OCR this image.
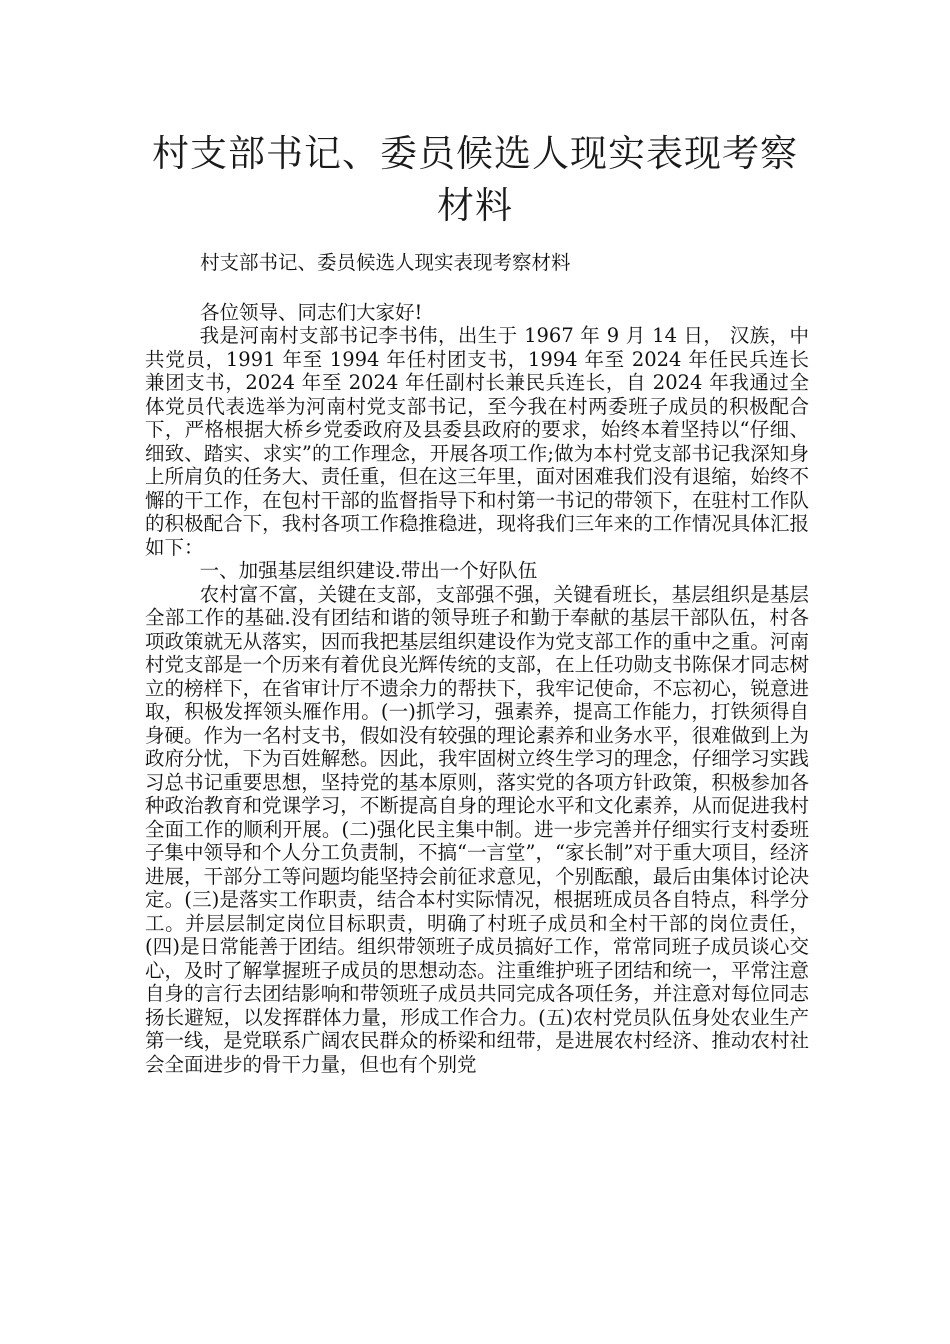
村支部书记、委员候选人现实表现考察材料
村支部书记、委员候选人现实表现考察材料
各位领导、同志们大家好!

我是河南村支部书记李书伟，出生于 1967 年 9 月 14 日， 汉族，中共党员，1991 年至 1994 年任村团支书，1994 年至 2024 年任民兵连长兼团支书，2024 年至 2024 年任副村长兼民兵连长，自 2024 年我通过全体党员代表选举为河南村党支部书记，至今我在村两委班子成员的积极配合下，严格根据大桥乡党委政府及县委县政府的要求，始终本着坚持以“仔细、细致、踏实、求实”的工作理念，开展各项工作;做为本村党支部书记我深知身上所肩负的任务大、责任重，但在这三年里，面对困难我们没有退缩，始终不懈的干工作，在包村干部的监督指导下和村第一书记的带领下，在驻村工作队的积极配合下，我村各项工作稳推稳进，现将我们三年来的工作情况具体汇报如下：

一、加强基层组织建设.带出一个好队伍

农村富不富，关键在支部，支部强不强，关键看班长，基层组织是基层全部工作的基础.没有团结和谐的领导班子和勤于奉献的基层干部队伍，村各项政策就无从落实，因而我把基层组织建设作为党支部工作的重中之重。河南村党支部是一个历来有着优良光辉传统的支部，在上任功勋支书陈保才同志树立的榜样下，在省审计厅不遗余力的帮扶下，我牢记使命，不忘初心，锐意进取，积极发挥领头雁作用。(一)抓学习，强素养，提高工作能力，打铁须得自身硬。作为一名村支书，假如没有较强的理论素养和业务水平，很难做到上为政府分忧，下为百姓解愁。因此，我牢固树立终生学习的理念，仔细学习实践习总书记重要思想，坚持党的基本原则，落实党的各项方针政策，积极参加各种政治教育和党课学习，不断提高自身的理论水平和文化素养，从而促进我村全面工作的顺利开展。(二)强化民主集中制。进一步完善并仔细实行支村委班子集中领导和个人分工负责制，不搞“一言堂”，“家长制”对于重大项目，经济进展，干部分工等问题均能坚持会前征求意见，个别酝酿，最后由集体讨论决定。(三)是落实工作职责，结合本村实际情况，根据班成员各自特点，科学分工。并层层制定岗位目标职责，明确了村班子成员和全村干部的岗位责任，(四)是日常能善于团结。组织带领班子成员搞好工作，常常同班子成员谈心交心，及时了解掌握班子成员的思想动态。注重维护班子团结和统一，平常注意自身的言行去团结影响和带领班子成员共同完成各项任务，并注意对每位同志扬长避短，以发挥群体力量，形成工作合力。(五)农村党员队伍身处农业生产第一线，是党联系广阔农民群众的桥梁和纽带，是进展农村经济、推动农村社会全面进步的骨干力量，但也有个别党
